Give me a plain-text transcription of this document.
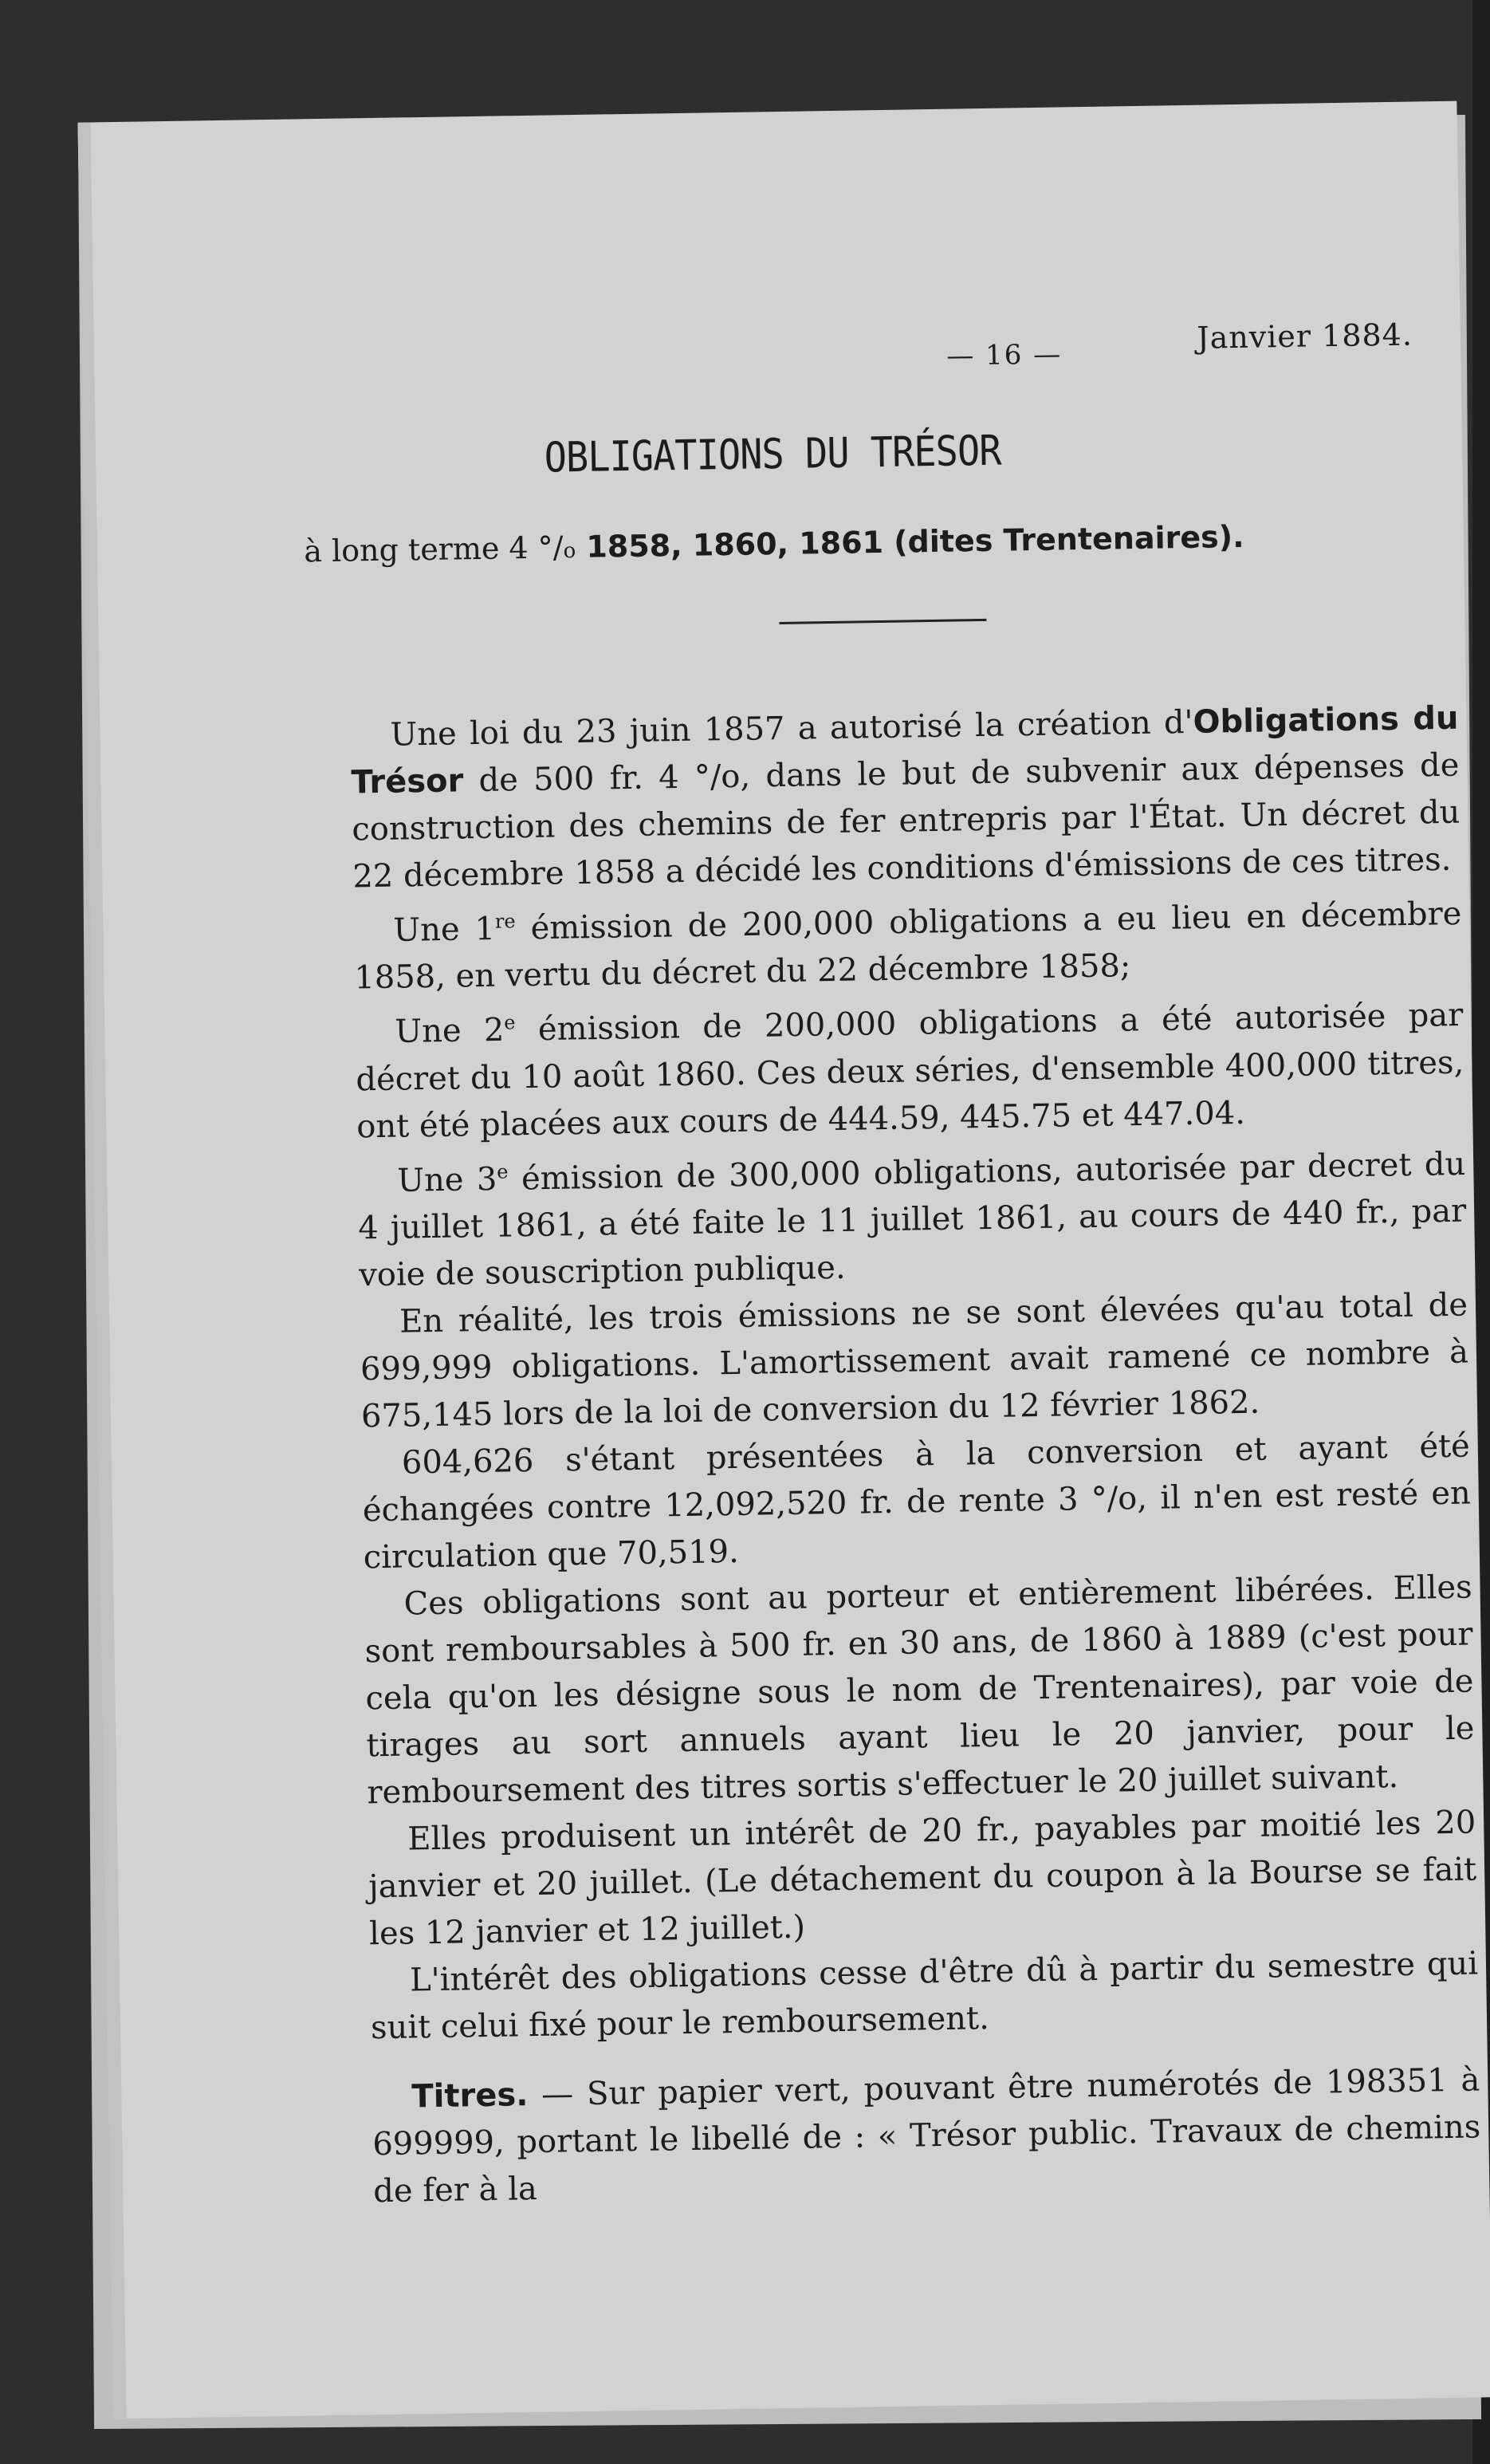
— 16 —	Janvier 1884.
OBLIGATIONS DU TRÉSOR
à long terme 4 °/o 1858, 1860, 1861 (dites Trentenaires).

Une loi du 23 juin 1857 a autorisé la création d'Obligations du Trésor de 500 fr. 4 °/o, dans le but de subvenir aux dépenses de construction des chemins de fer entrepris par l'État. Un décret du 22 décembre 1858 a décidé les conditions d'émissions de ces titres.

Une 1re émission de 200,000 obligations a eu lieu en décembre 1858, en vertu du décret du 22 décembre 1858;

Une 2e émission de 200,000 obligations a été autorisée par décret du 10 août 1860. Ces deux séries, d'ensemble 400,000 titres, ont été placées aux cours de 444.59, 445.75 et 447.04.

Une 3e émission de 300,000 obligations, autorisée par decret du 4 juillet 1861, a été faite le 11 juillet 1861, au cours de 440 fr., par voie de souscription publique.

En réalité, les trois émissions ne se sont élevées qu'au total de 699,999 obligations. L'amortissement avait ramené ce nombre à 675,145 lors de la loi de conversion du 12 février 1862.

604,626 s'étant présentées à la conversion et ayant été échangées contre 12,092,520 fr. de rente 3 °/o, il n'en est resté en circulation que 70,519.

Ces obligations sont au porteur et entièrement libérées. Elles sont remboursables à 500 fr. en 30 ans, de 1860 à 1889 (c'est pour cela qu'on les désigne sous le nom de Trentenaires), par voie de tirages au sort annuels ayant lieu le 20 janvier, pour le remboursement des titres sortis s'effectuer le 20 juillet suivant.

Elles produisent un intérêt de 20 fr., payables par moitié les 20 janvier et 20 juillet. (Le détachement du coupon à la Bourse se fait les 12 janvier et 12 juillet.)

L'intérêt des obligations cesse d'être dû à partir du semestre qui suit celui fixé pour le remboursement.

Titres. — Sur papier vert, pouvant être numérotés de 198351 à 699999, portant le libellé de : « Trésor public. Travaux de chemins de fer à la
